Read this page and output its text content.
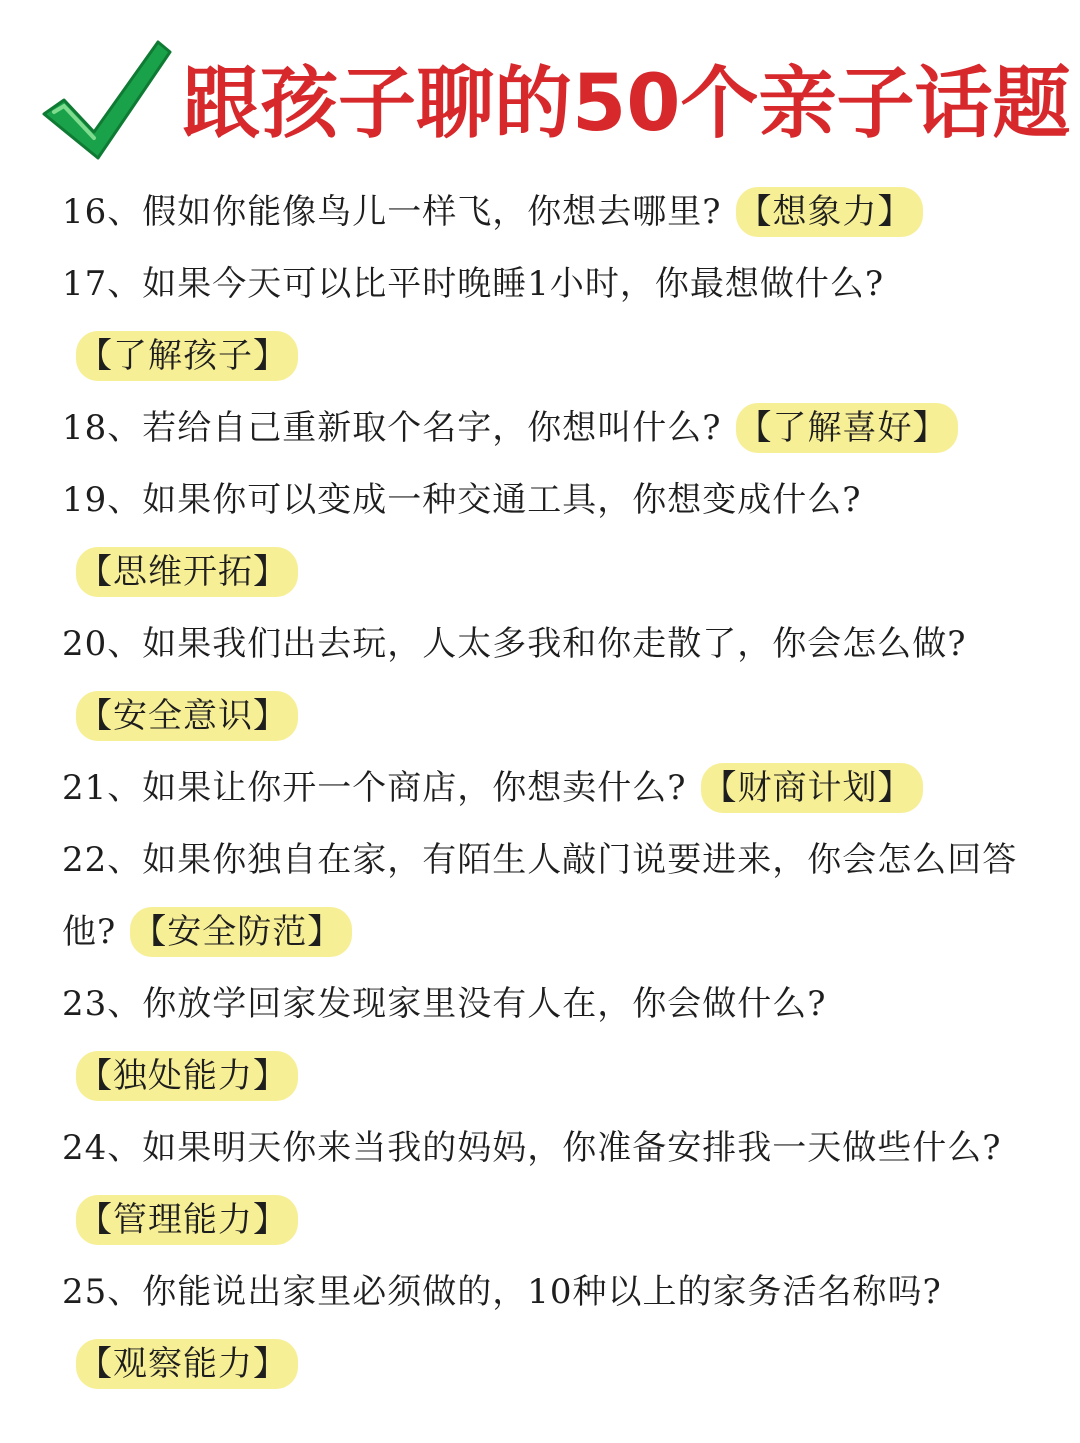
跟孩子聊的50个亲子话题

16、假如你能像鸟儿一样飞，你想去哪里? 【想象力】

17、如果今天可以比平时晚睡1小时，你最想做什么?
【了解孩子】

18、若给自己重新取个名字，你想叫什么? 【了解喜好】

19、如果你可以变成一种交通工具，你想变成什么?
【思维开拓】

20、如果我们出去玩，人太多我和你走散了，你会怎么做?【安全意识】

21、如果让你开一个商店，你想卖什么? 【财商计划】

22、如果你独自在家，有陌生人敲门说要进来，你会怎么回答他? 【安全防范】

23、你放学回家发现家里没有人在，你会做什么?
【独处能力】

24、如果明天你来当我的妈妈，你准备安排我一天做些什么?【管理能力】

25、你能说出家里必须做的，10种以上的家务活名称吗?
【观察能力】
